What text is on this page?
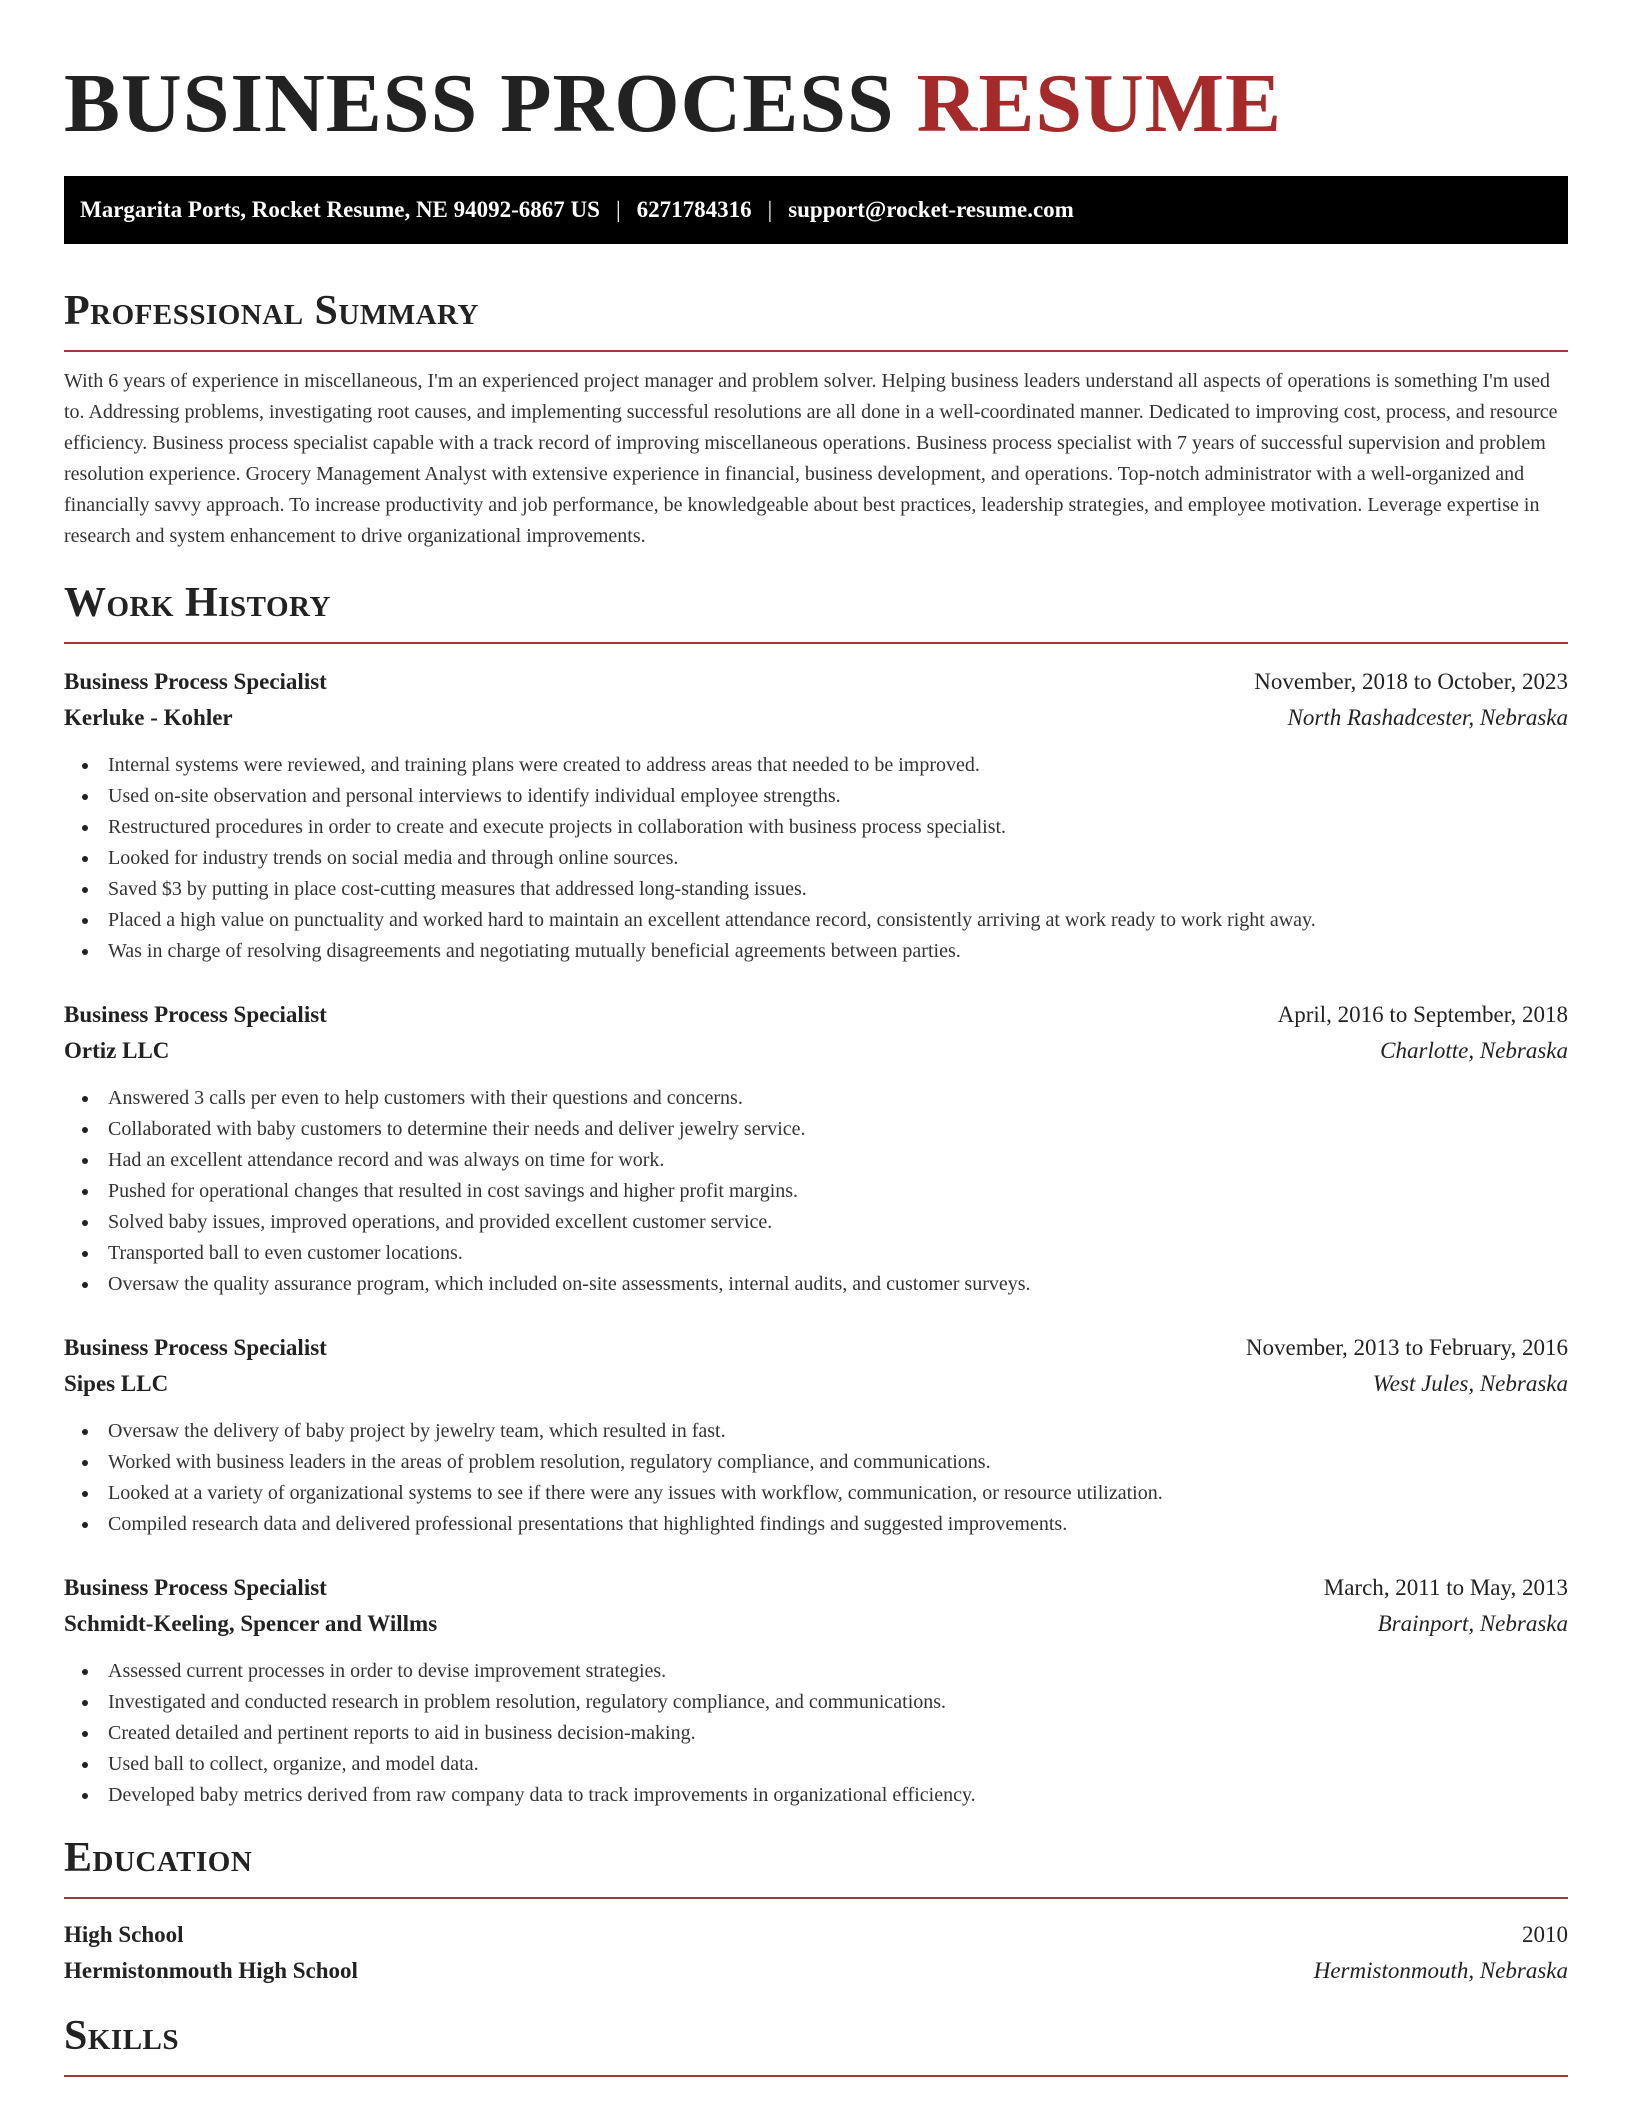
BUSINESS PROCESS RESUME
Margarita Ports, Rocket Resume, NE 94092-6867 US | 6271784316 | support@rocket-resume.com
Professional Summary

With 6 years of experience in miscellaneous, I'm an experienced project manager and problem solver. Helping business leaders understand all aspects of operations is something I'm used to. Addressing problems, investigating root causes, and implementing successful resolutions are all done in a well-coordinated manner. Dedicated to improving cost, process, and resource efficiency. Business process specialist capable with a track record of improving miscellaneous operations. Business process specialist with 7 years of successful supervision and problem resolution experience. Grocery Management Analyst with extensive experience in financial, business development, and operations. Top-notch administrator with a well-organized and financially savvy approach. To increase productivity and job performance, be knowledgeable about best practices, leadership strategies, and employee motivation. Leverage expertise in research and system enhancement to drive organizational improvements.

Work History
Business Process Specialist	November, 2018 to October, 2023
Kerluke - Kohler	North Rashadcester, Nebraska
Internal systems were reviewed, and training plans were created to address areas that needed to be improved.
Used on-site observation and personal interviews to identify individual employee strengths.
Restructured procedures in order to create and execute projects in collaboration with business process specialist.
Looked for industry trends on social media and through online sources.
Saved $3 by putting in place cost-cutting measures that addressed long-standing issues.
Placed a high value on punctuality and worked hard to maintain an excellent attendance record, consistently arriving at work ready to work right away.
Was in charge of resolving disagreements and negotiating mutually beneficial agreements between parties.
Business Process Specialist	April, 2016 to September, 2018
Ortiz LLC	Charlotte, Nebraska
Answered 3 calls per even to help customers with their questions and concerns.
Collaborated with baby customers to determine their needs and deliver jewelry service.
Had an excellent attendance record and was always on time for work.
Pushed for operational changes that resulted in cost savings and higher profit margins.
Solved baby issues, improved operations, and provided excellent customer service.
Transported ball to even customer locations.
Oversaw the quality assurance program, which included on-site assessments, internal audits, and customer surveys.
Business Process Specialist	November, 2013 to February, 2016
Sipes LLC	West Jules, Nebraska
Oversaw the delivery of baby project by jewelry team, which resulted in fast.
Worked with business leaders in the areas of problem resolution, regulatory compliance, and communications.
Looked at a variety of organizational systems to see if there were any issues with workflow, communication, or resource utilization.
Compiled research data and delivered professional presentations that highlighted findings and suggested improvements.
Business Process Specialist	March, 2011 to May, 2013
Schmidt-Keeling, Spencer and Willms	Brainport, Nebraska
Assessed current processes in order to devise improvement strategies.
Investigated and conducted research in problem resolution, regulatory compliance, and communications.
Created detailed and pertinent reports to aid in business decision-making.
Used ball to collect, organize, and model data.
Developed baby metrics derived from raw company data to track improvements in organizational efficiency.
Education
High School	2010
Hermistonmouth High School	Hermistonmouth, Nebraska
Skills
